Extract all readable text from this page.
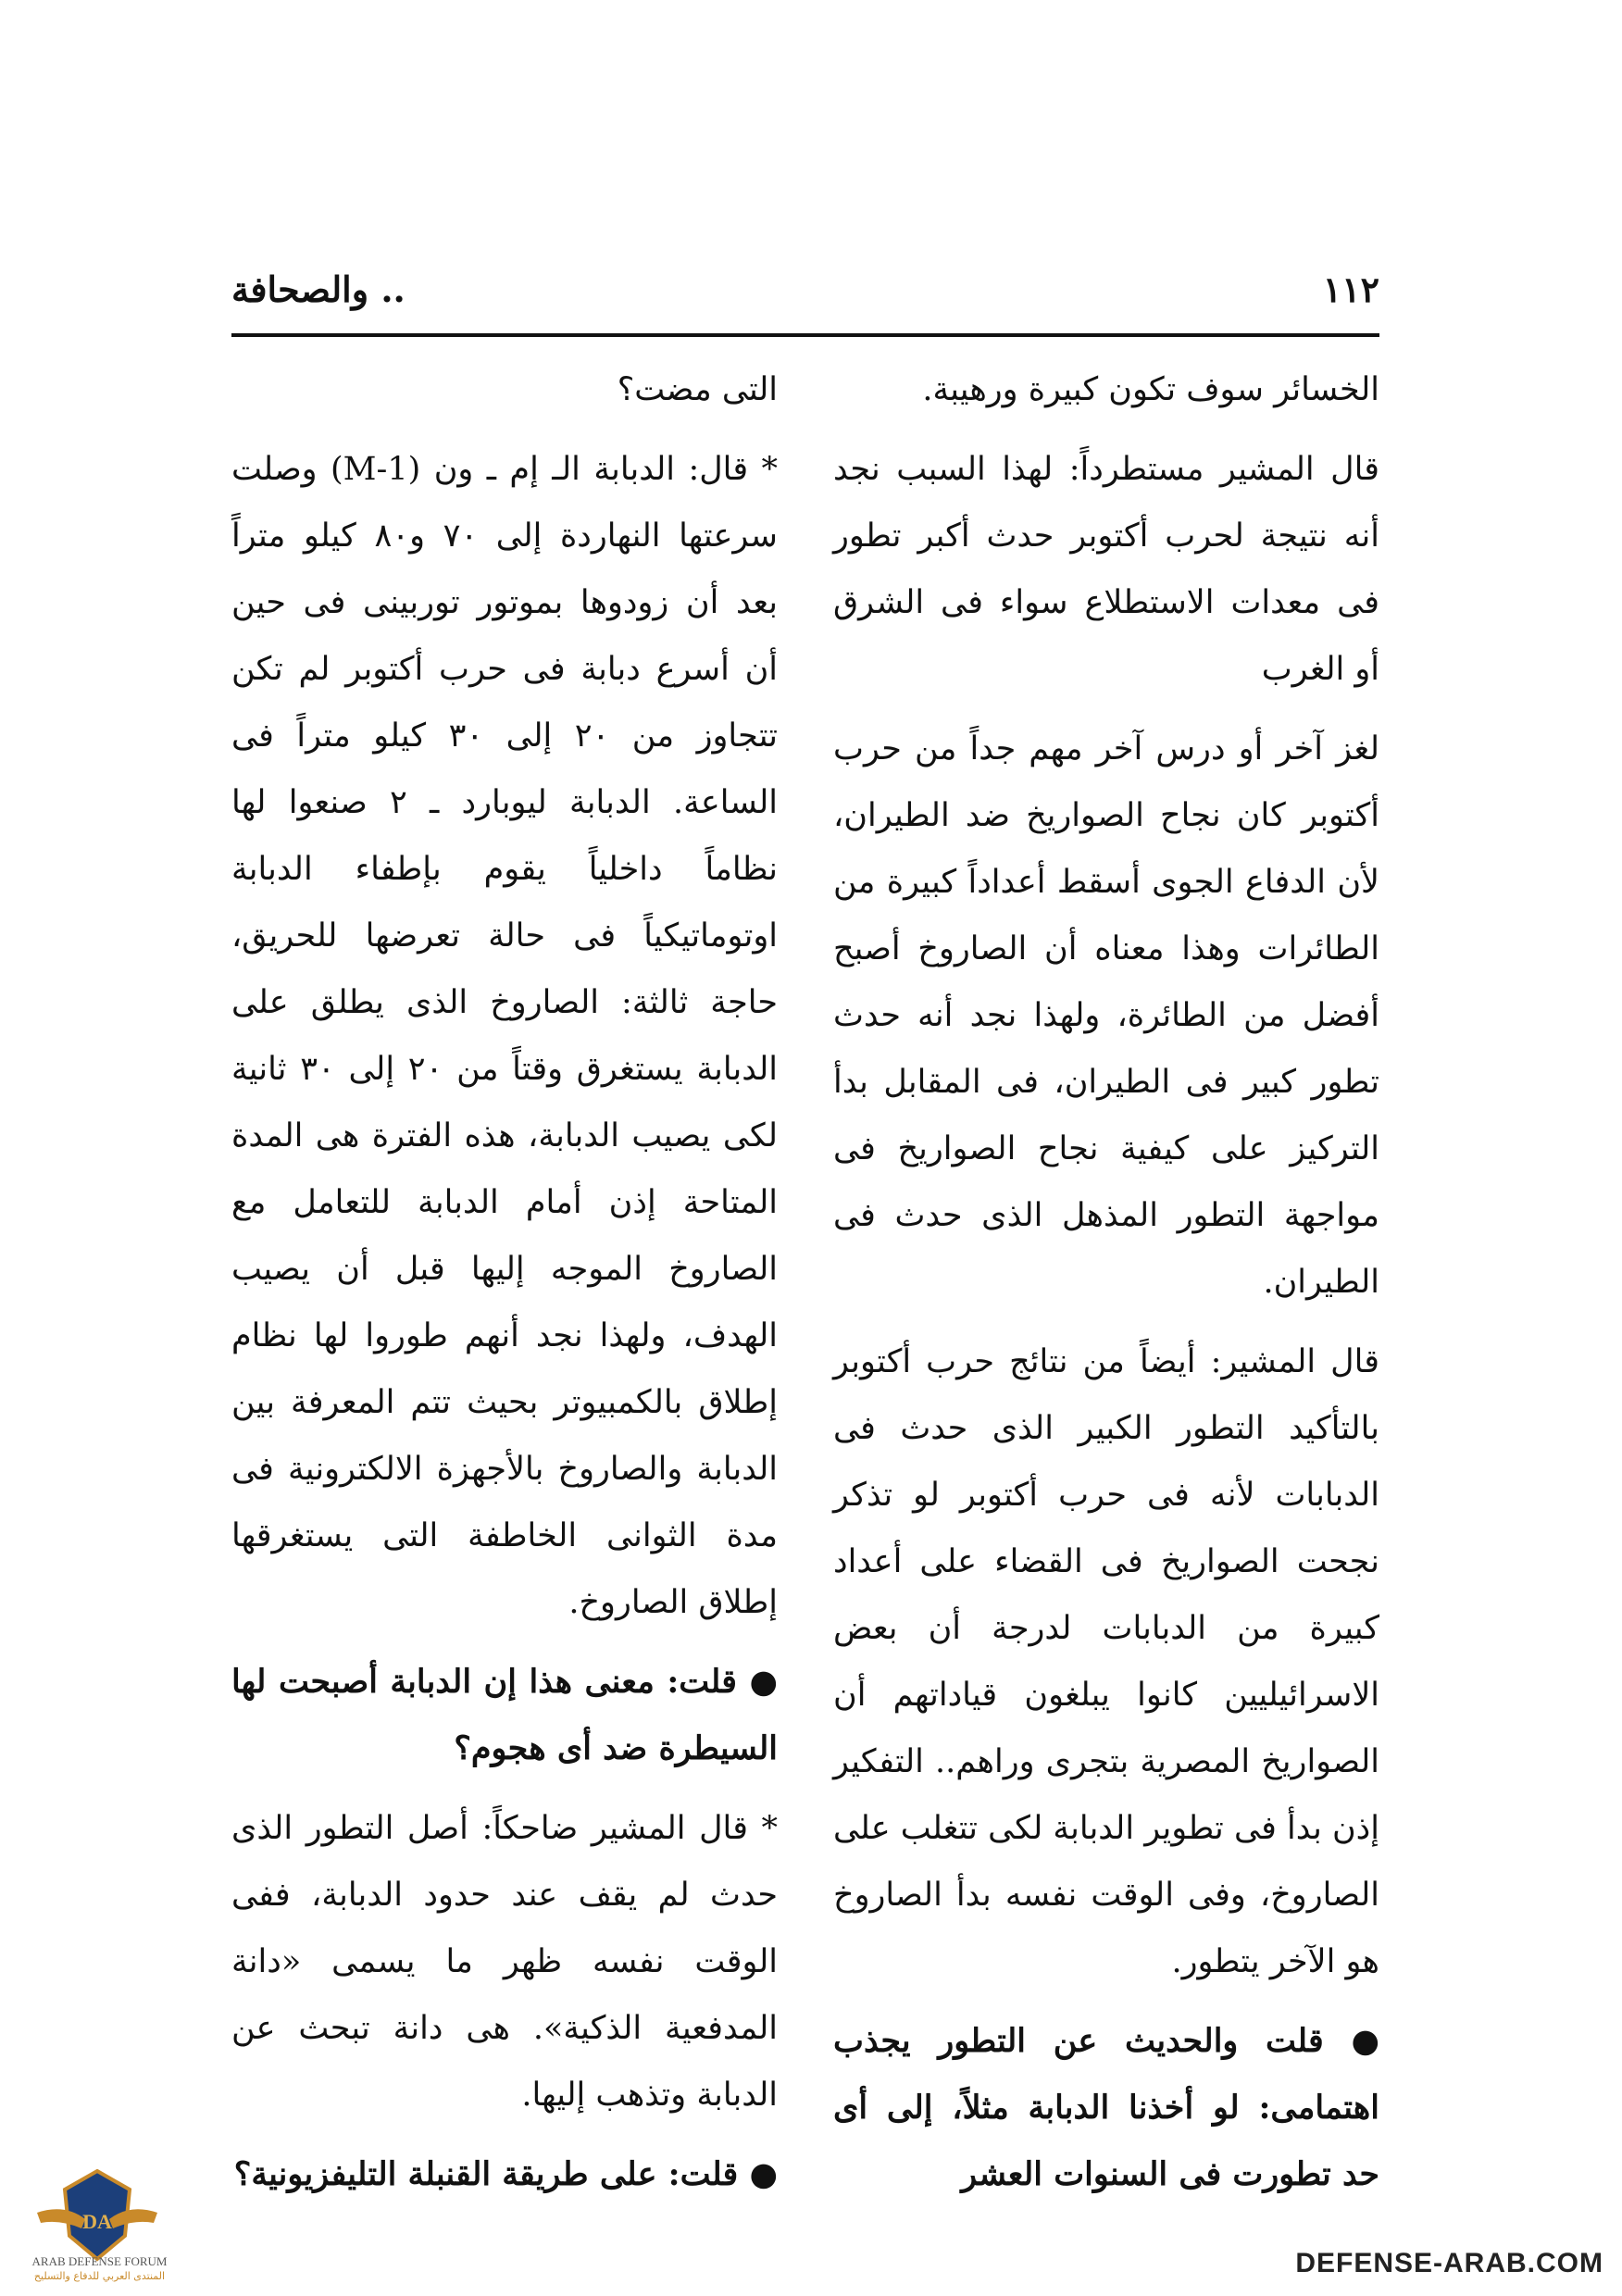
١١٢
.. والصحافة

الخسائر سوف تكون كبيرة ورهيبة.

قال المشير مستطرداً: لهذا السبب نجد أنه نتيجة لحرب أكتوبر حدث أكبر تطور فى معدات الاستطلاع سواء فى الشرق أو الغرب

لغز آخر أو درس آخر مهم جداً من حرب أكتوبر كان نجاح الصواريخ ضد الطيران، لأن الدفاع الجوى أسقط أعداداً كبيرة من الطائرات وهذا معناه أن الصاروخ أصبح أفضل من الطائرة، ولهذا نجد أنه حدث تطور كبير فى الطيران، فى المقابل بدأ التركيز على كيفية نجاح الصواريخ فى مواجهة التطور المذهل الذى حدث فى الطيران.

قال المشير: أيضاً من نتائج حرب أكتوبر بالتأكيد التطور الكبير الذى حدث فى الدبابات لأنه فى حرب أكتوبر لو تذكر نجحت الصواريخ فى القضاء على أعداد كبيرة من الدبابات لدرجة أن بعض الاسرائيليين كانوا يبلغون قياداتهم أن الصواريخ المصرية بتجرى وراهم.. التفكير إذن بدأ فى تطوير الدبابة لكى تتغلب على الصاروخ، وفى الوقت نفسه بدأ الصاروخ هو الآخر يتطور.

● قلت والحديث عن التطور يجذب اهتمامى: لو أخذنا الدبابة مثلاً، إلى أى حد تطورت فى السنوات العشر

التى مضت؟

* قال: الدبابة الـ إم ـ ون (M-1) وصلت سرعتها النهاردة إلى ٧٠ و٨٠ كيلو متراً بعد أن زودوها بموتور توربينى فى حين أن أسرع دبابة فى حرب أكتوبر لم تكن تتجاوز من ٢٠ إلى ٣٠ كيلو متراً فى الساعة. الدبابة ليوبارد ـ ٢ صنعوا لها نظاماً داخلياً يقوم بإطفاء الدبابة اوتوماتيكياً فى حالة تعرضها للحريق، حاجة ثالثة: الصاروخ الذى يطلق على الدبابة يستغرق وقتاً من ٢٠ إلى ٣٠ ثانية لكى يصيب الدبابة، هذه الفترة هى المدة المتاحة إذن أمام الدبابة للتعامل مع الصاروخ الموجه إليها قبل أن يصيب الهدف، ولهذا نجد أنهم طوروا لها نظام إطلاق بالكمبيوتر بحيث تتم المعرفة بين الدبابة والصاروخ بالأجهزة الالكترونية فى مدة الثوانى الخاطفة التى يستغرقها إطلاق الصاروخ.

● قلت: معنى هذا إن الدبابة أصبحت لها السيطرة ضد أى هجوم؟

* قال المشير ضاحكاً: أصل التطور الذى حدث لم يقف عند حدود الدبابة، ففى الوقت نفسه ظهر ما يسمى «دانة المدفعية الذكية». هى دانة تبحث عن الدبابة وتذهب إليها.

● قلت: على طريقة القنبلة التليفزيونية؟

DA
ARAB DEFENSE FORUM
المنتدى العربي للدفاع والتسليح	DEFENSE-ARAB.COM
